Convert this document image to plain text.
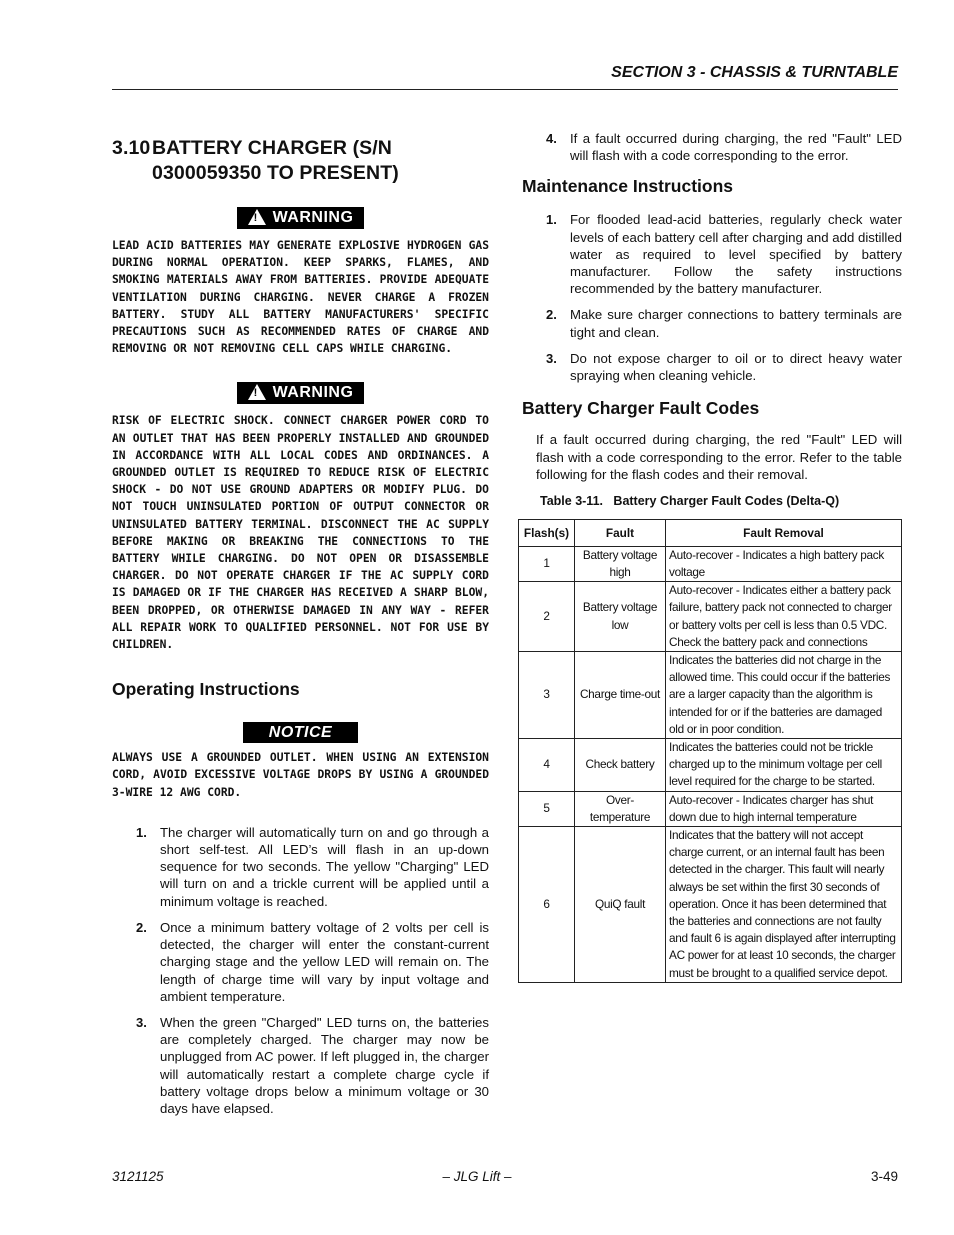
SECTION 3 - CHASSIS & TURNTABLE
3.10 BATTERY CHARGER (S/N 0300059350 TO PRESENT)
! WARNING
LEAD ACID BATTERIES MAY GENERATE EXPLOSIVE HYDROGEN GAS DURING NORMAL OPERATION. KEEP SPARKS, FLAMES, AND SMOKING MATERIALS AWAY FROM BATTERIES. PROVIDE ADEQUATE VENTILATION DURING CHARGING. NEVER CHARGE A FROZEN BATTERY. STUDY ALL BATTERY MANUFACTURERS' SPECIFIC PRECAUTIONS SUCH AS RECOMMENDED RATES OF CHARGE AND REMOVING OR NOT REMOVING CELL CAPS WHILE CHARGING.
! WARNING
RISK OF ELECTRIC SHOCK. CONNECT CHARGER POWER CORD TO AN OUTLET THAT HAS BEEN PROPERLY INSTALLED AND GROUNDED IN ACCORDANCE WITH ALL LOCAL CODES AND ORDINANCES. A GROUNDED OUTLET IS REQUIRED TO REDUCE RISK OF ELECTRIC SHOCK - DO NOT USE GROUND ADAPTERS OR MODIFY PLUG. DO NOT TOUCH UNINSULATED PORTION OF OUTPUT CONNECTOR OR UNINSULATED BATTERY TERMINAL. DISCONNECT THE AC SUPPLY BEFORE MAKING OR BREAKING THE CONNECTIONS TO THE BATTERY WHILE CHARGING. DO NOT OPEN OR DISASSEMBLE CHARGER. DO NOT OPERATE CHARGER IF THE AC SUPPLY CORD IS DAMAGED OR IF THE CHARGER HAS RECEIVED A SHARP BLOW, BEEN DROPPED, OR OTHERWISE DAMAGED IN ANY WAY - REFER ALL REPAIR WORK TO QUALIFIED PERSONNEL. NOT FOR USE BY CHILDREN.
Operating Instructions
NOTICE
ALWAYS USE A GROUNDED OUTLET. WHEN USING AN EXTENSION CORD, AVOID EXCESSIVE VOLTAGE DROPS BY USING A GROUNDED 3-WIRE 12 AWG CORD.
1. The charger will automatically turn on and go through a short self-test. All LED’s will flash in an up-down sequence for two seconds. The yellow "Charging" LED will turn on and a trickle current will be applied until a minimum voltage is reached.
2. Once a minimum battery voltage of 2 volts per cell is detected, the charger will enter the constant-current charging stage and the yellow LED will remain on. The length of charge time will vary by input voltage and ambient temperature.
3. When the green "Charged" LED turns on, the batteries are completely charged. The charger may now be unplugged from AC power. If left plugged in, the charger will automatically restart a complete charge cycle if battery voltage drops below a minimum voltage or 30 days have elapsed.
4. If a fault occurred during charging, the red "Fault" LED will flash with a code corresponding to the error.
Maintenance Instructions
1. For flooded lead-acid batteries, regularly check water levels of each battery cell after charging and add distilled water as required to level specified by battery manufacturer. Follow the safety instructions recommended by the battery manufacturer.
2. Make sure charger connections to battery terminals are tight and clean.
3. Do not expose charger to oil or to direct heavy water spraying when cleaning vehicle.
Battery Charger Fault Codes
If a fault occurred during charging, the red "Fault" LED will flash with a code corresponding to the error. Refer to the table following for the flash codes and their removal.
Table 3-11.   Battery Charger Fault Codes (Delta-Q)
Flash(s)	Fault	Fault Removal
1	Battery voltage high	Auto-recover - Indicates a high battery pack voltage
2	Battery voltage low	Auto-recover - Indicates either a battery pack failure, battery pack not connected to charger or battery volts per cell is less than 0.5 VDC. Check the battery pack and connections
3	Charge time-out	Indicates the batteries did not charge in the allowed time. This could occur if the batteries are a larger capacity than the algorithm is intended for or if the batteries are damaged old or in poor condition.
4	Check battery	Indicates the batteries could not be trickle charged up to the minimum voltage per cell level required for the charge to be started.
5	Over-temperature	Auto-recover - Indicates charger has shut down due to high internal temperature
6	QuiQ fault	Indicates that the battery will not accept charge current, or an internal fault has been detected in the charger. This fault will nearly always be set within the first 30 seconds of operation. Once it has been determined that the batteries and connections are not faulty and fault 6 is again displayed after interrupting AC power for at least 10 seconds, the charger must be brought to a qualified service depot.
3121125	– JLG Lift –	3-49
